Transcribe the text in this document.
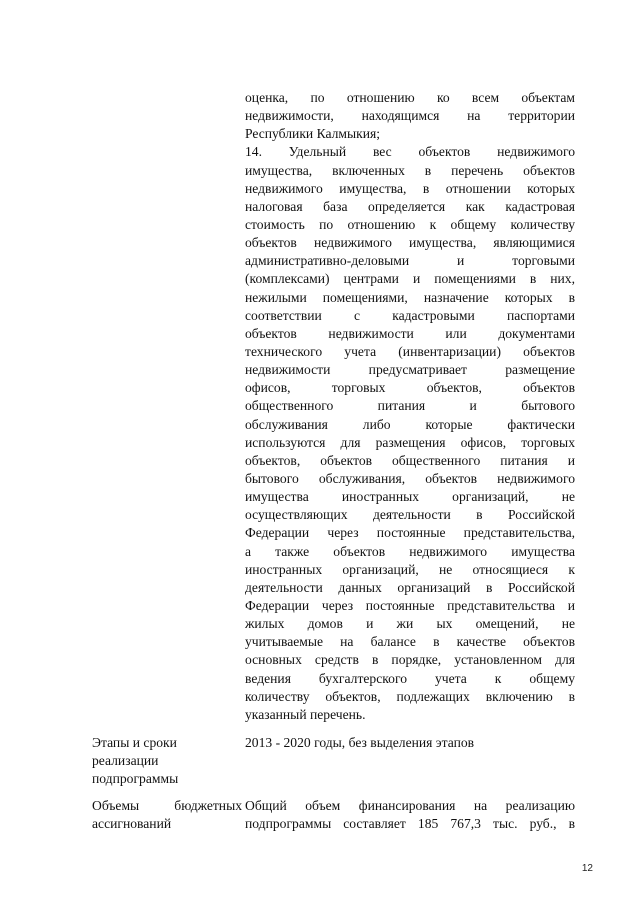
оценка, по отношению ко всем объектам
недвижимости, находящимся на территории
Республики Калмыкия;
14. Удельный вес объектов недвижимого
имущества, включенных в перечень объектов
недвижимого имущества, в отношении которых
налоговая база определяется как кадастровая
стоимость по отношению к общему количеству
объектов недвижимого имущества, являющимися
административно-деловыми и торговыми
(комплексами) центрами и помещениями в них,
нежилыми помещениями, назначение которых в
соответствии с кадастровыми паспортами
объектов недвижимости или документами
технического учета (инвентаризации) объектов
недвижимости предусматривает размещение
офисов, торговых объектов, объектов
общественного питания и бытового
обслуживания либо которые фактически
используются для размещения офисов, торговых
объектов, объектов общественного питания и
бытового обслуживания, объектов недвижимого
имущества иностранных организаций, не
осуществляющих деятельности в Российской
Федерации через постоянные представительства,
а также объектов недвижимого имущества
иностранных организаций, не относящиеся к
деятельности данных организаций в Российской
Федерации через постоянные представительства и
жилых домов и жи ых омещений, не
учитываемые на балансе в качестве объектов
основных средств в порядке, установленном для
ведения бухгалтерского учета к общему
количеству объектов, подлежащих включению в
указанный перечень.
Этапы и сроки
реализации
подпрограммы
2013 - 2020 годы, без выделения этапов
Объемы бюджетных
ассигнований
Общий объем финансирования на реализацию
подпрограммы составляет 185 767,3 тыс. руб., в
12
